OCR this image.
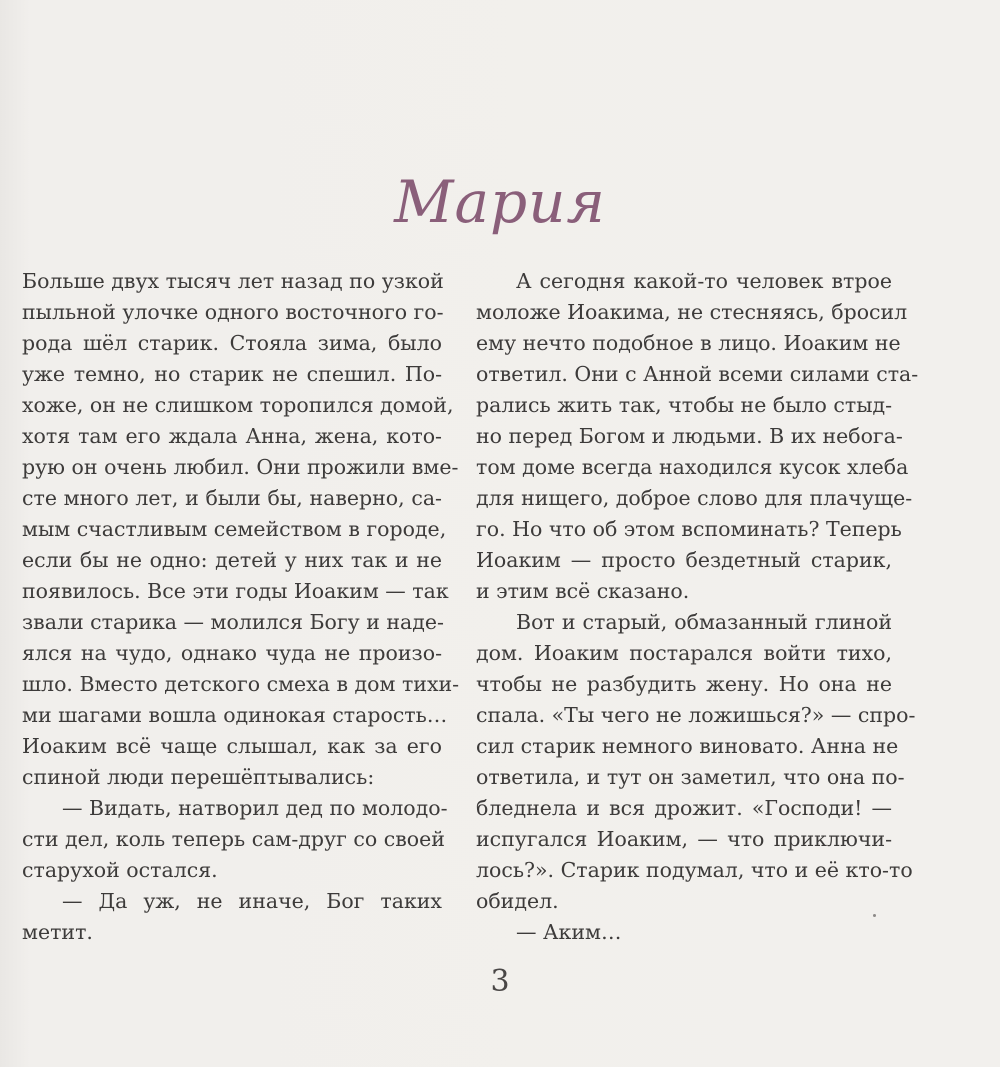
Мария
Больше двух тысяч лет назад по узкой
пыльной улочке одного восточного го-
рода шёл старик. Стояла зима, было
уже темно, но старик не спешил. По-
хоже, он не слишком торопился домой,
хотя там его ждала Анна, жена, кото-
рую он очень любил. Они прожили вме-
сте много лет, и были бы, наверно, са-
мым счастливым семейством в городе,
если бы не одно: детей у них так и не
появилось. Все эти годы Иоаким — так
звали старика — молился Богу и наде-
ялся на чудо, однако чуда не произо-
шло. Вместо детского смеха в дом тихи-
ми шагами вошла одинокая старость…
Иоаким всё чаще слышал, как за его
спиной люди перешёптывались:
— Видать, натворил дед по молодо-
сти дел, коль теперь сам-друг со своей
старухой остался.
— Да уж, не иначе, Бог таких
метит.
А сегодня какой-то человек втрое
моложе Иоакима, не стесняясь, бросил
ему нечто подобное в лицо. Иоаким не
ответил. Они с Анной всеми силами ста-
рались жить так, чтобы не было стыд-
но перед Богом и людьми. В их небога-
том доме всегда находился кусок хлеба
для нищего, доброе слово для плачуще-
го. Но что об этом вспоминать? Теперь
Иоаким — просто бездетный старик,
и этим всё сказано.
Вот и старый, обмазанный глиной
дом. Иоаким постарался войти тихо,
чтобы не разбудить жену. Но она не
спала. «Ты чего не ложишься?» — спро-
сил старик немного виновато. Анна не
ответила, и тут он заметил, что она по-
бледнела и вся дрожит. «Господи! —
испугался Иоаким, — что приключи-
лось?». Старик подумал, что и её кто-то
обидел.
— Аким…
3
